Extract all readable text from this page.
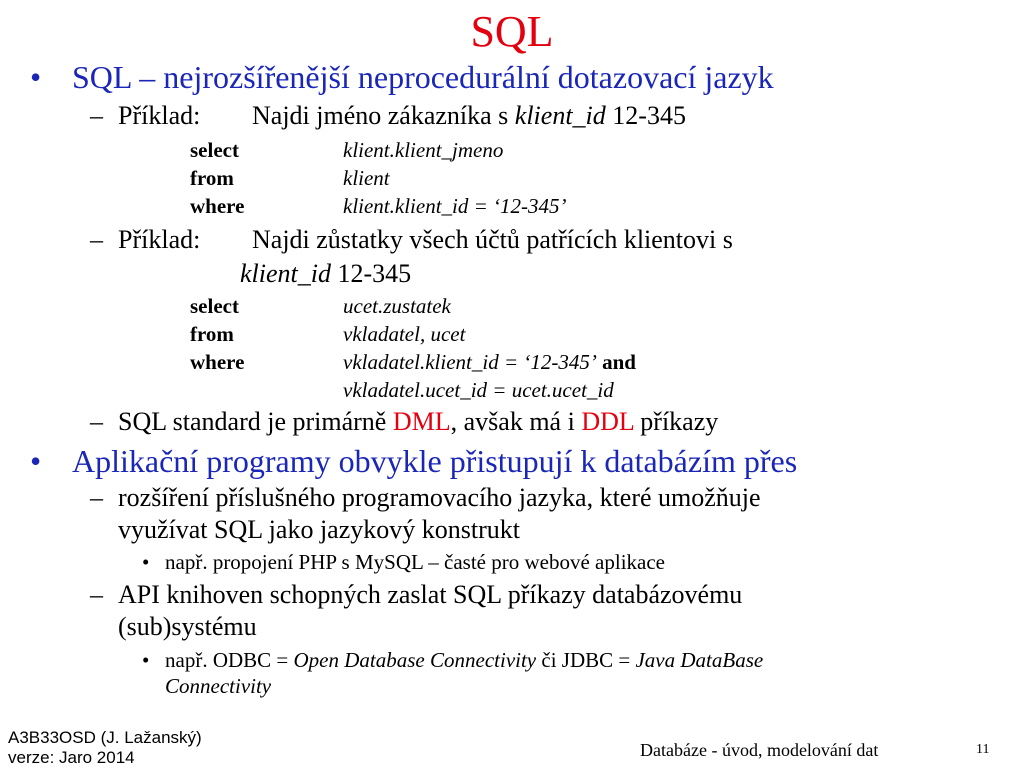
SQL
• SQL – nejrozšířenější neprocedurální dotazovací jazyk
– Příklad: Najdi jméno zákazníka s klient_id 12-345
select	klient.klient_jmeno
from	klient
where	klient.klient_id = ‘12-345’
– Příklad: Najdi zůstatky všech účtů patřících klientovi s
klient_id 12-345
select	ucet.zustatek
from	vkladatel, ucet
where	vkladatel.klient_id = ‘12-345’ and
vkladatel.ucet_id = ucet.ucet_id
– SQL standard je primárně DML, avšak má i DDL příkazy
• Aplikační programy obvykle přistupují k databázím přes
– rozšíření příslušného programovacího jazyka, které umožňuje
využívat SQL jako jazykový konstrukt
• např. propojení PHP s MySQL – časté pro webové aplikace
– API knihoven schopných zaslat SQL příkazy databázovému
(sub)systému
• např. ODBC = Open Database Connectivity či JDBC = Java DataBase
Connectivity
A3B33OSD (J. Lažanský)
verze: Jaro 2014	Databáze - úvod, modelování dat	11
